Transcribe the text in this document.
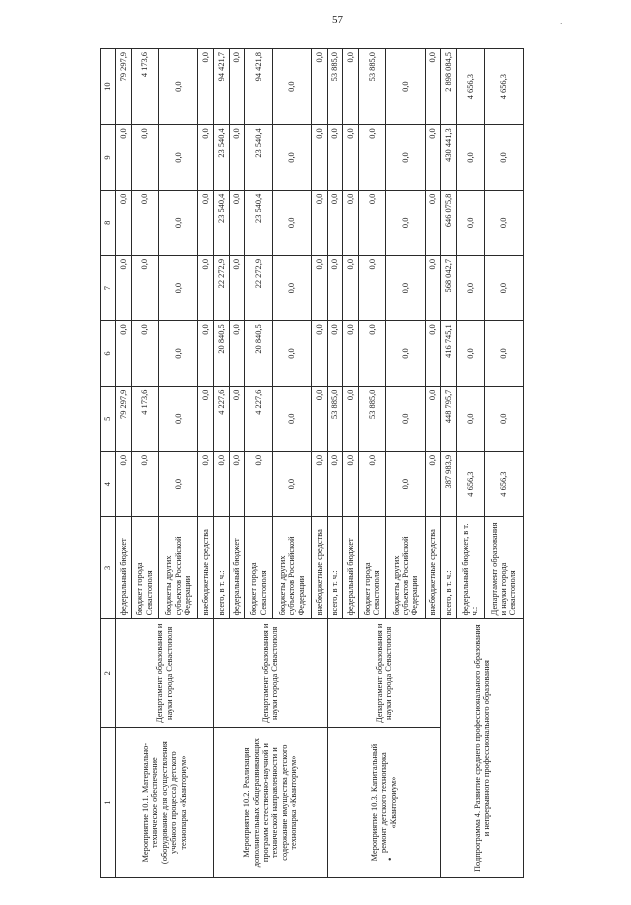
57
•
·
1	2	3	4	5	6	7	8	9	10
Мероприятие 10.1. Материально-техническое обеспечение (оборудование для осуществления учебного процесса) детского технопарка «Кванториум»	Департамент образования и науки города Севастополя	федеральный бюджет	0,0	79 297,9	0,0	0,0	0,0	0,0	79 297,9
		бюджет города Севастополя	0,0	4 173,6	0,0	0,0	0,0	0,0	4 173,6
		бюджеты других субъектов Российской Федерации	0,0	0,0	0,0	0,0	0,0	0,0	0,0
		внебюджетные средства	0,0	0,0	0,0	0,0	0,0	0,0	0,0
Мероприятие 10.2. Реализация дополнительных общеразвивающих программ естественно-научной и технической направленности и содержание имущества детского технопарка «Кванториум»	Департамент образования и науки города Севастополя	всего, в т. ч.:	0,0	4 227,6	20 840,5	22 272,9	23 540,4	23 540,4	94 421,7
		федеральный бюджет	0,0	0,0	0,0	0,0	0,0	0,0	0,0
		бюджет города Севастополя	0,0	4 227,6	20 840,5	22 272,9	23 540,4	23 540,4	94 421,8
		бюджеты других субъектов Российской Федерации	0,0	0,0	0,0	0,0	0,0	0,0	0,0
		внебюджетные средства	0,0	0,0	0,0	0,0	0,0	0,0	0,0
Мероприятие 10.3. Капитальный ремонт детского технопарка «Кванториум»	Департамент образования и науки города Севастополя	всего, в т. ч.:	0,0	53 885,0	0,0	0,0	0,0	0,0	53 885,0
		федеральный бюджет	0,0	0,0	0,0	0,0	0,0	0,0	0,0
		бюджет города Севастополя	0,0	53 885,0	0,0	0,0	0,0	0,0	53 885,0
		бюджеты других субъектов Российской Федерации	0,0	0,0	0,0	0,0	0,0	0,0	0,0
		внебюджетные средства	0,0	0,0	0,0	0,0	0,0	0,0	0,0
Подпрограмма 4. Развитие среднего профессионального образования и непрерывного профессионального образования		всего, в т. ч.:	387 983,9	448 795,7	416 745,1	568 042,7	646 075,8	430 441,3	2 898 084,5
		федеральный бюджет, в т. ч.:	4 656,3	0,0	0,0	0,0	0,0	0,0	4 656,3
		Департамент образования и науки города Севастополя	4 656,3	0,0	0,0	0,0	0,0	0,0	4 656,3
